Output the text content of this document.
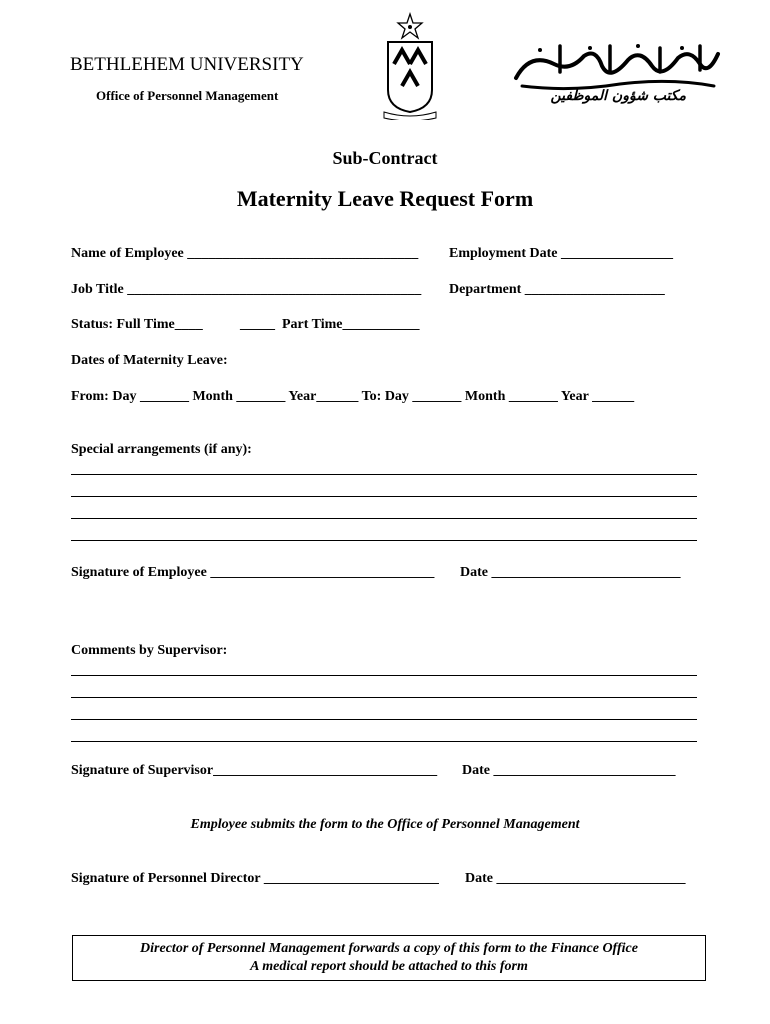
BETHLEHEM UNIVERSITY
Office of Personnel Management	مكتب شؤون الموظفين
Sub-Contract
Maternity Leave Request Form
Name of Employee _________________________________ Employment Date ________________
Job Title __________________________________________ Department ____________________
Status: Full Time____	_____ Part Time___________
Dates of Maternity Leave:
From: Day _______ Month _______ Year______ To: Day _______ Month _______ Year ______
Special arrangements (if any):
Signature of Employee ________________________________ Date ___________________________
Comments by Supervisor:
Signature of Supervisor________________________________ Date __________________________
Employee submits the form to the Office of Personnel Management
Signature of Personnel Director _________________________ Date ___________________________
Director of Personnel Management forwards a copy of this form to the Finance Office
A medical report should be attached to this form
